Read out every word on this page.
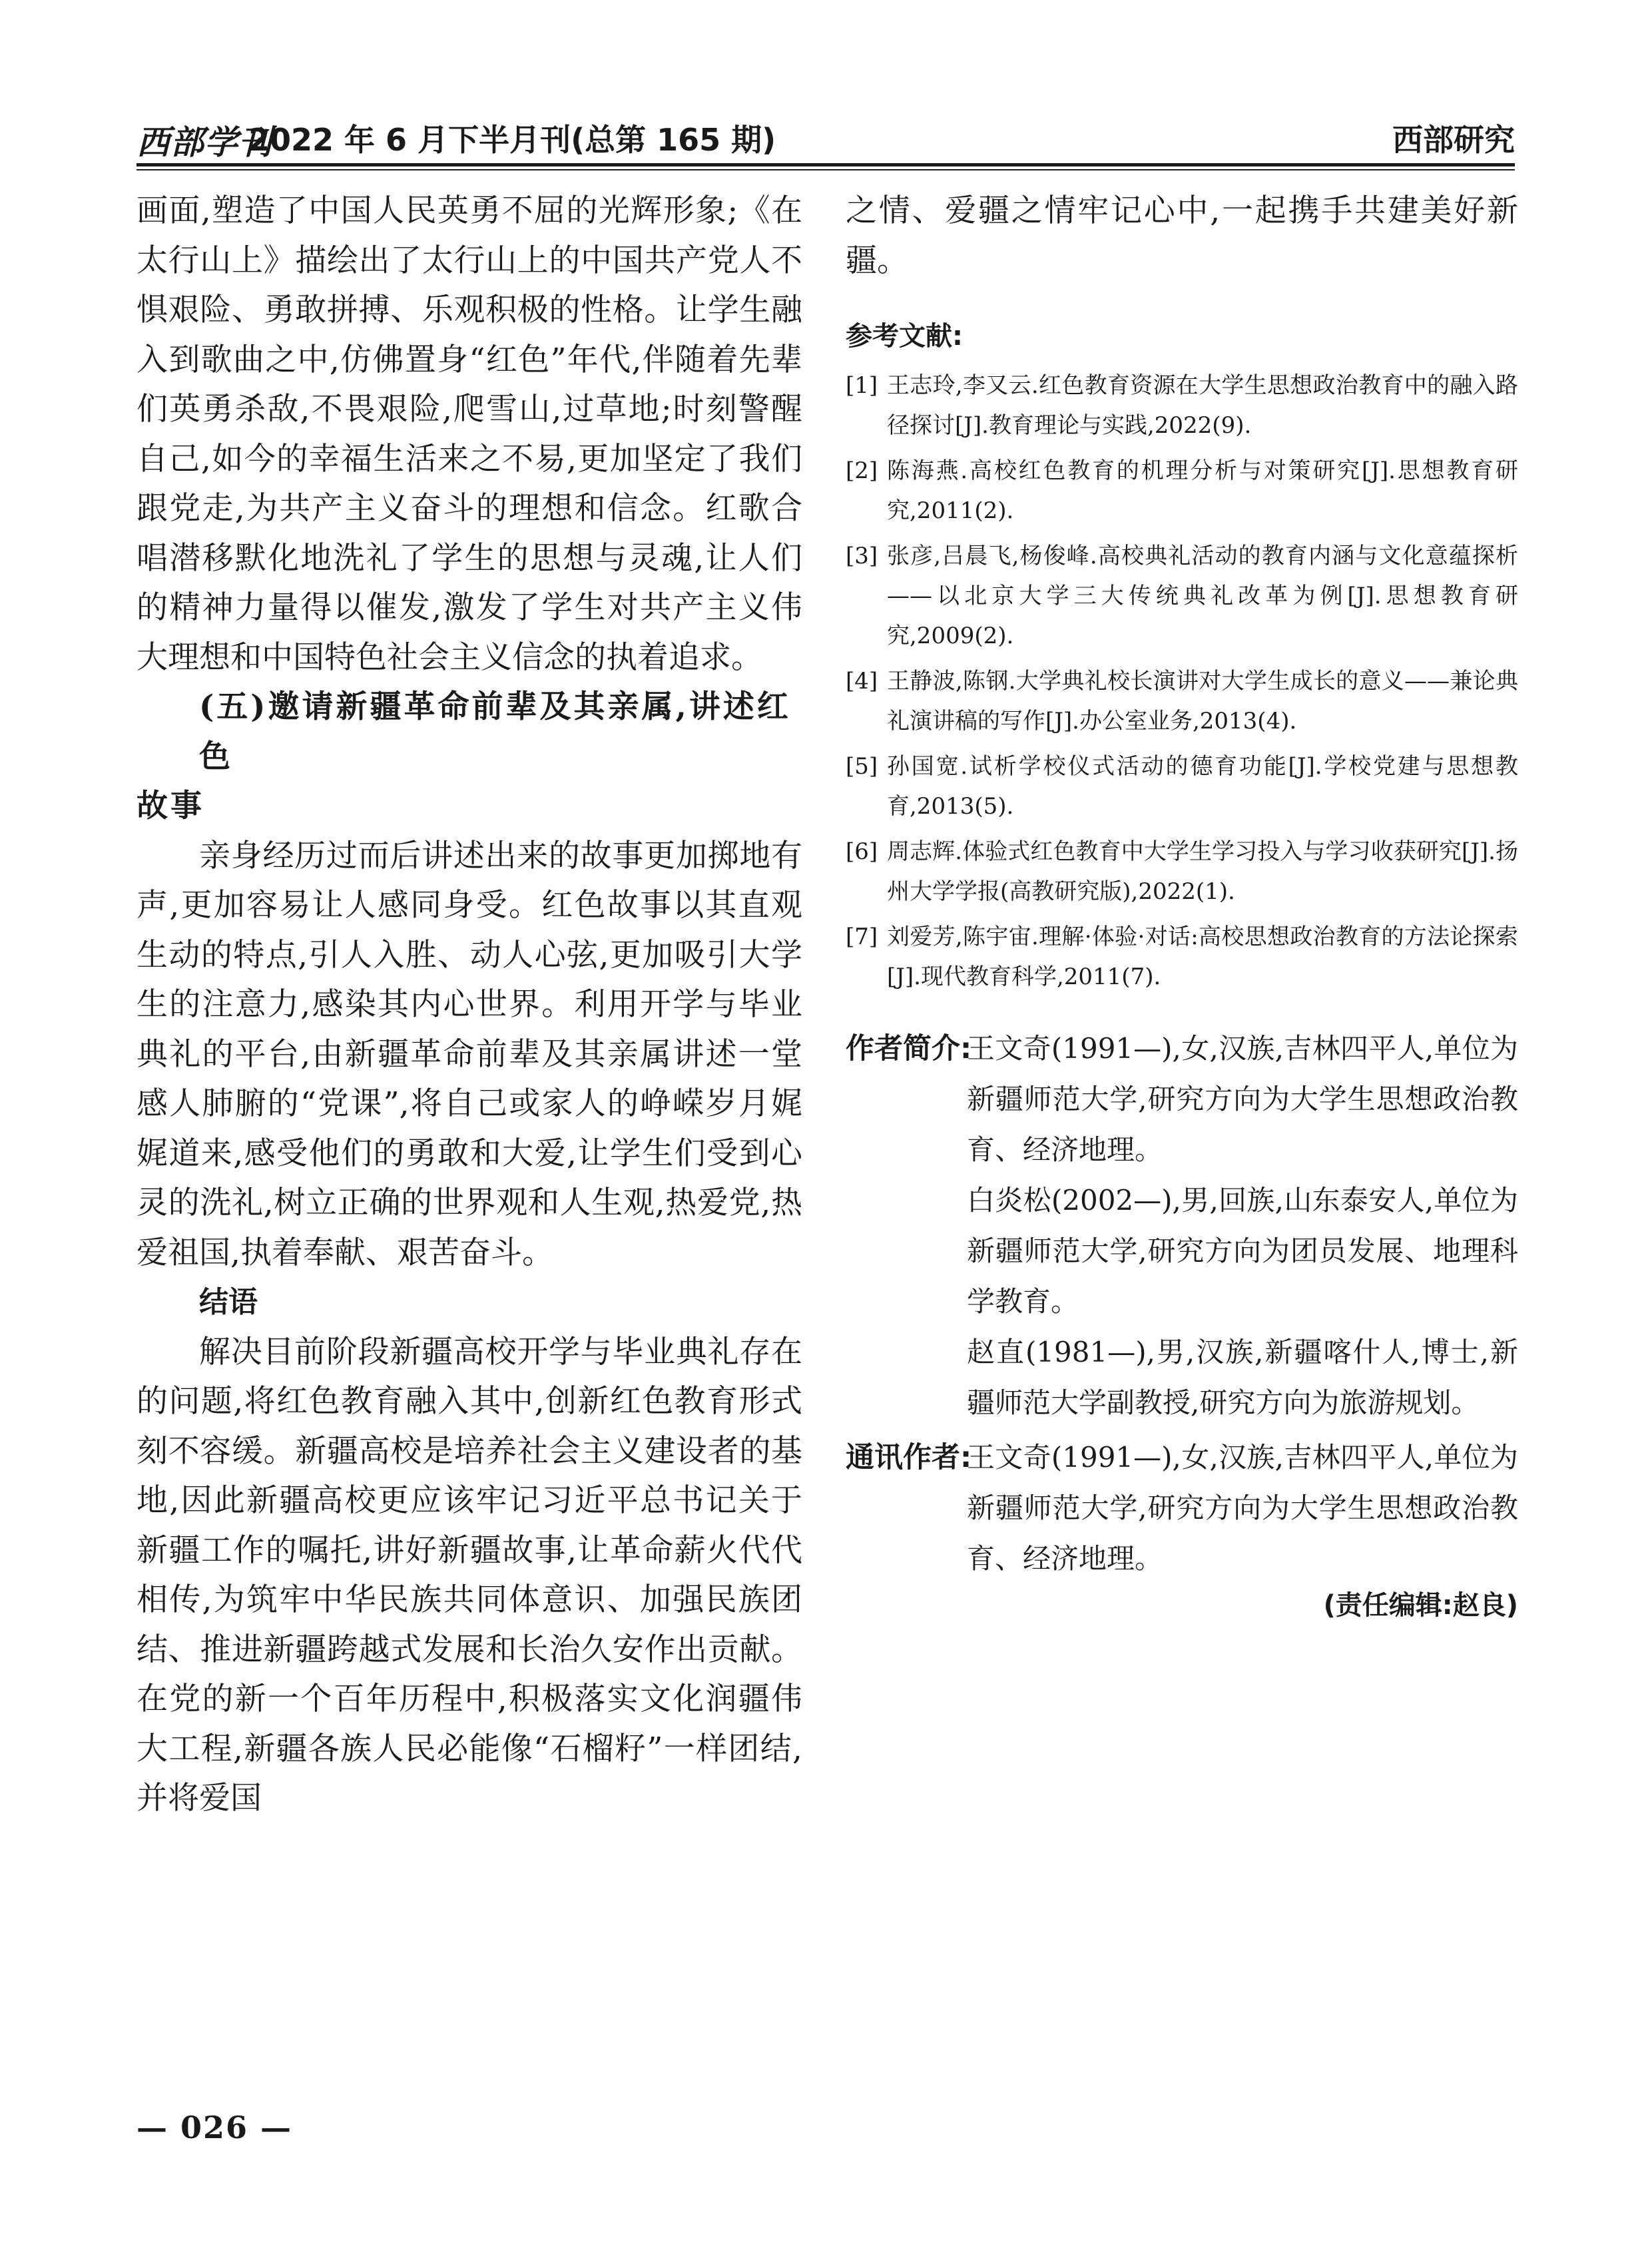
西部学刊
2022 年 6 月下半月刊(总第 165 期)	西部研究

画面,塑造了中国人民英勇不屈的光辉形象;《在太行山上》描绘出了太行山上的中国共产党人不惧艰险、勇敢拼搏、乐观积极的性格。让学生融入到歌曲之中,仿佛置身“红色”年代,伴随着先辈们英勇杀敌,不畏艰险,爬雪山,过草地;时刻警醒自己,如今的幸福生活来之不易,更加坚定了我们跟党走,为共产主义奋斗的理想和信念。红歌合唱潜移默化地洗礼了学生的思想与灵魂,让人们的精神力量得以催发,激发了学生对共产主义伟大理想和中国特色社会主义信念的执着追求。

(五)邀请新疆革命前辈及其亲属,讲述红色

故事

亲身经历过而后讲述出来的故事更加掷地有声,更加容易让人感同身受。红色故事以其直观生动的特点,引人入胜、动人心弦,更加吸引大学生的注意力,感染其内心世界。利用开学与毕业典礼的平台,由新疆革命前辈及其亲属讲述一堂感人肺腑的“党课”,将自己或家人的峥嵘岁月娓娓道来,感受他们的勇敢和大爱,让学生们受到心灵的洗礼,树立正确的世界观和人生观,热爱党,热爱祖国,执着奉献、艰苦奋斗。

结语

解决目前阶段新疆高校开学与毕业典礼存在的问题,将红色教育融入其中,创新红色教育形式刻不容缓。新疆高校是培养社会主义建设者的基地,因此新疆高校更应该牢记习近平总书记关于新疆工作的嘱托,讲好新疆故事,让革命薪火代代相传,为筑牢中华民族共同体意识、加强民族团结、推进新疆跨越式发展和长治久安作出贡献。在党的新一个百年历程中,积极落实文化润疆伟大工程,新疆各族人民必能像“石榴籽”一样团结,并将爱国

之情、爱疆之情牢记心中,一起携手共建美好新疆。

参考文献:
[1] 王志玲,李又云.红色教育资源在大学生思想政治教育中的融入路径探讨[J].教育理论与实践,2022(9).
[2] 陈海燕.高校红色教育的机理分析与对策研究[J].思想教育研究,2011(2).
[3] 张彦,吕晨飞,杨俊峰.高校典礼活动的教育内涵与文化意蕴探析——以北京大学三大传统典礼改革为例[J].思想教育研究,2009(2).
[4] 王静波,陈钢.大学典礼校长演讲对大学生成长的意义——兼论典礼演讲稿的写作[J].办公室业务,2013(4).
[5] 孙国宽.试析学校仪式活动的德育功能[J].学校党建与思想教育,2013(5).
[6] 周志辉.体验式红色教育中大学生学习投入与学习收获研究[J].扬州大学学报(高教研究版),2022(1).
[7] 刘爱芳,陈宇宙.理解·体验·对话:高校思想政治教育的方法论探索[J].现代教育科学,2011(7).
作者简介:

王文奇(1991—),女,汉族,吉林四平人,单位为新疆师范大学,研究方向为大学生思想政治教育、经济地理。

白炎松(2002—),男,回族,山东泰安人,单位为新疆师范大学,研究方向为团员发展、地理科学教育。

赵直(1981—),男,汉族,新疆喀什人,博士,新疆师范大学副教授,研究方向为旅游规划。

通讯作者:

王文奇(1991—),女,汉族,吉林四平人,单位为新疆师范大学,研究方向为大学生思想政治教育、经济地理。

(责任编辑:赵良)
— 026 —
